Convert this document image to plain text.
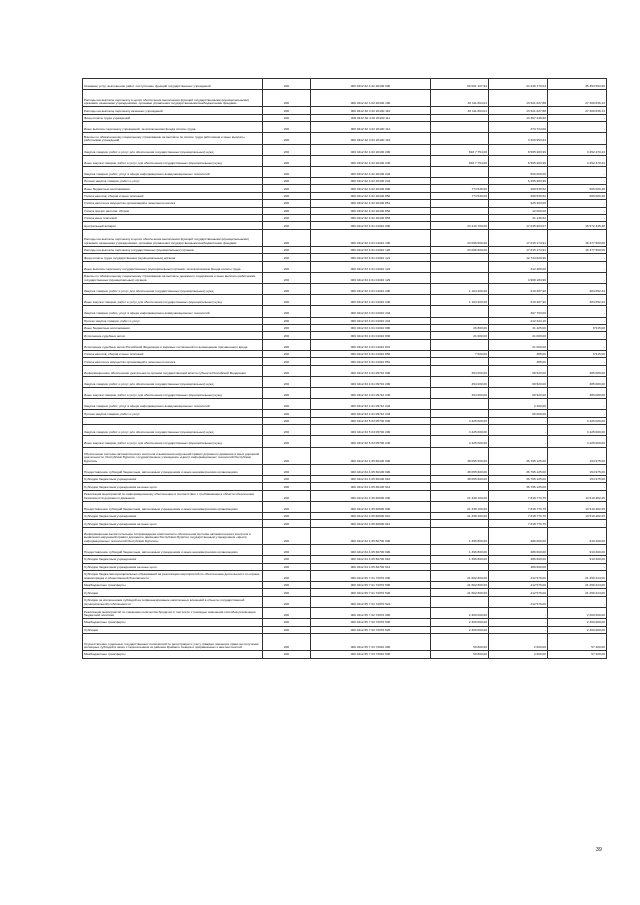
Оказание услуг, выполнение работ, поступление функций государственных учреждений	200	000 0412 62 4 02 20100 000	66 001 107,94	24 449 770,04	35 353 593,90
Расходы на выплаты персоналу в целях обеспечения выполнения функций государственными (муниципальными) органами, казенными учреждениями, органами управления государственными внебюджетными фондами	200	000 0412 62 4 02 20100 100	40 111 664,01	13 521 027,88	27 309 636,13
Расходы на выплаты персоналу казенных учреждений	200	000 0412 62 4 02 20100 110	40 111 664,01	13 521 027,88	27 309 636,13
Фонд оплаты труда учреждений	200	000 0412 62 4 02 20100 111		14 367 249,60	-
Иные выплаты персоналу учреждений, за исключением фонда оплаты труда	200	000 0412 62 4 02 20100 112		370 724,00	-
Взносы по обязательному социальному страхованию на выплаты по оплате труда работников и иные выплаты работникам учреждений	200	000 0412 62 4 02 20100 119		4 329 953,64	-
Закупка товаров, работ и услуг для обеспечения государственных (муниципальных) нужд	200	000 0412 62 4 02 20100 200	818 7 754,00	8 565 283,99	3 252 470,24
Иные закупки товаров, работ и услуг для обеспечения государственных (муниципальных) нужд	200	000 0412 62 4 02 20100 240	818 7 754,00	8 565 283,99	3 252 470,24
Закупка товаров, работ, услуг в сфере информационно-коммуникационных технологий	200	000 0412 62 4 02 20100 242		500 000,00	-
Прочая закупка товаров, работ и услуг	200	000 0412 62 4 02 20100 244		6 265 283,99	-
Иные бюджетные ассигнования	200	000 0412 62 4 02 20100 800	774 539,00	268 539,52	505 000,48
Уплата налогов, сборов и иных платежей	200	000 0412 62 4 02 20100 850	774 539,00	268 539,52	505 000,48
Уплата налога на имущество организаций и земельного налога	200	000 0412 62 4 02 20100 851		225 403,00	-
Уплата прочих налогов, сборов	200	000 0412 62 4 02 20100 852		12 000,00	-
Уплата иных платежей	200	000 0412 62 4 02 20100 853		31 136,52	-
Центральный аппарат	200	000 0412 63 4 01 01010 000	24 216 700,00	17 045 903,07	16 572 445,28
Расходы на выплаты персоналу в целях обеспечения выполнения функций государственными (муниципальными) органами, казенными учреждениями, органами управления государственными внебюджетными фондами	200	000 0412 63 4 01 01010 100	23 096 600,00	17 015 174,91	16 377 500,00
Расходы на выплаты персоналу государственных (муниципальных) органов	200	000 0412 63 4 01 01010 120	23 096 600,00	17 015 174,91	16 377 500,00
Фонд оплаты труда государственных (муниципальных) органов	200	000 0412 63 4 01 01010 121		12 734 620,90	-
Иные выплаты персоналу государственных (муниципальных) органов, за исключением фонда оплаты труда	200	000 0412 63 4 01 01010 122		312 480,00	-
Взносы по обязательному социальному страхованию на выплаты денежного содержания и иные выплаты работникам государственных (муниципальных) органов	200	000 0412 63 4 01 01010 129		4 968 183,96	-
Закупка товаров, работ и услуг для обеспечения государственных (муниципальных) нужд	200	000 0412 63 4 01 01010 200	1 104 200,00	619 287,90	484 052,44
Иные закупки товаров, работ и услуг для обеспечения государственных (муниципальных) нужд	200	000 0412 63 4 01 01010 240	1 104 200,00	619 287,90	484 052,44
Закупка товаров, работ, услуг в сфере информационно-коммуникационных технологий	200	000 0412 63 4 01 01010 242		397 763,00	-
Прочая закупка товаров, работ и услуг	200	000 0412 63 4 01 01010 244		212 344,16	-
Иные бюджетные ассигнования	200	000 0412 63 4 01 01010 800	26 800,00	31 425,00	8 515,00
Исполнение судебных актов	200	000 0412 63 4 01 01010 830	21 000,00	21 000,00	-
Исполнение судебных актов Российской Федерации и мировых соглашений по возмещению причиненного вреда	200	000 0412 63 4 01 01010 831		21 000,00	-
Уплата налогов, сборов и иных платежей	200	000 0412 63 4 01 01010 850	7 000,00	385,00	6 515,00
Уплата налога на имущество организаций и земельного налога	200	000 0412 63 4 01 01010 851		385,00	-
Информационное обеспечение деятельности органов государственной власти субъекта Российской Федерации	200	000 0412 63 4 01 09710 000	454 000,00	68 520,00	385 080,00
Закупка товаров, работ и услуг для обеспечения государственных (муниципальных) нужд	200	000 0412 63 4 01 09710 200	454 000,00	68 520,00	385 080,00
Иные закупки товаров, работ и услуг для обеспечения государственных (муниципальных) нужд	200	000 0412 63 4 01 09710 240	454 000,00	68 520,00	385 080,00
Закупка товаров, работ, услуг в сфере информационно-коммуникационных технологий	200	000 0412 63 4 01 09710 242		2 400,00	-
Прочая закупка товаров, работ и услуг	200	000 0412 63 4 01 09710 244		66 000,00	-
	200	000 0412 63 5 03 05700 000	3 425 000,00	-	3 425 000,00
Закупка товаров, работ и услуг для обеспечения государственных (муниципальных) нужд	200	000 0412 63 5 03 05700 200	3 425 000,00	-	3 425 000,00
Иные закупки товаров, работ и услуг для обеспечения государственных (муниципальных) нужд	200	000 0412 63 5 03 05700 240	3 425 000,00	-	3 425 000,00
Обеспечение системы автоматического контроля и выявления нарушений правил дорожного движения и иных дорожной деятельности, Республики Бурятия, государственное учреждение «Центр информационных технологий Республики Бурятия»	200	000 0412 64 4 05 60100 000	38 055 600,00	36 795 125,00	154 975,00
Предоставление субсидий бюджетным, автономным учреждениям и иным некоммерческим организациям	200	000 0412 64 4 05 60100 600	38 055 600,00	36 795 125,00	154 975,00
Субсидии бюджетным учреждениям	200	000 0412 64 4 05 60100 610	38 055 600,00	36 795 125,00	154 975,00
Субсидии бюджетным учреждениям на иные цели	200	000 0412 64 4 05 60100 612		36 795 125,00	-
Реализация мероприятий по информационному обеспечению в соответствии с требованиями в области обеспечения безопасности дорожного движения	200	000 0412 64 4 05 60600 000	21 338 100,00	7 818 779,75	13 519 482,25
Предоставление субсидий бюджетным, автономным учреждениям и иным некоммерческим организациям	200	000 0412 64 4 05 60600 600	21 338 100,00	7 818 779,75	13 519 482,25
Субсидии бюджетным учреждениям	200	000 0412 64 4 05 60600 610	21 338 100,00	7 818 779,75	13 519 482,25
Субсидии бюджетным учреждениям на иные цели	200	000 0412 64 4 05 60600 612		7 818 779,75	-
Информационно-вычислительное сопровождение комплексного обеспечения системы автоматического контроля и выявления нарушений правил дорожного движения Республики Бурятия государственным учреждением «Центр информационных технологий Республики Бурятия»	200	000 0412 64 4 05 60700 000	1 396 800,00	486 600,00	910 200,00
Предоставление субсидий бюджетным, автономным учреждениям и иным некоммерческим организациям	200	000 0412 64 4 05 60700 600	1 396 800,00	486 600,00	910 200,00
Субсидии бюджетным учреждениям	200	000 0412 64 4 05 60700 610	1 396 800,00	486 600,00	910 200,00
Субсидии бюджетным учреждениям на иные цели	200	000 0412 64 4 05 60700 612		486 600,00	-
Субсидии бюджетам муниципальных образований на реализацию мероприятий по обеспечению деятельности по охране правопорядка и общественной безопасности	200	000 0412 65 7 01 72970 000	21 662 800,00	412 576,00	21 250 224,00
Межбюджетные трансферты	200	000 0412 65 7 01 72970 500	21 662 800,00	412 576,00	21 250 224,00
Субсидии	200	000 0412 65 7 01 72970 520	21 662 800,00	412 576,00	21 250 224,00
Субсидии за исключением субсидий на софинансирование капитальных вложений в объекты государственной (муниципальной) собственности	200	000 0412 65 7 01 72970 521		412 576,00	-
Реализация мероприятий по снижению количества бродячих в том числе с помощью изменения способов реализации бюджетной политики	200	000 0412 65 7 02 72970 000	2 300 000,00	-	2 300 000,00
Межбюджетные трансферты	200	000 0412 65 7 02 72970 500	2 300 000,00	-	2 300 000,00
Субсидии	200	000 0412 65 7 02 72970 520	2 300 000,00	-	2 300 000,00
Осуществление отдельных государственных полномочий по регистрации и учету граждан, имеющих право на получение жилищных субсидий в связи с переселением из районов Крайнего Севера и приравненных к ним местностей	200	000 0412 65 7 03 73010 000	59 800,00	2 600,00	57 200,00
Межбюджетные трансферты	200	000 0412 65 7 03 73010 500	59 800,00	2 600,00	57 200,00
39
